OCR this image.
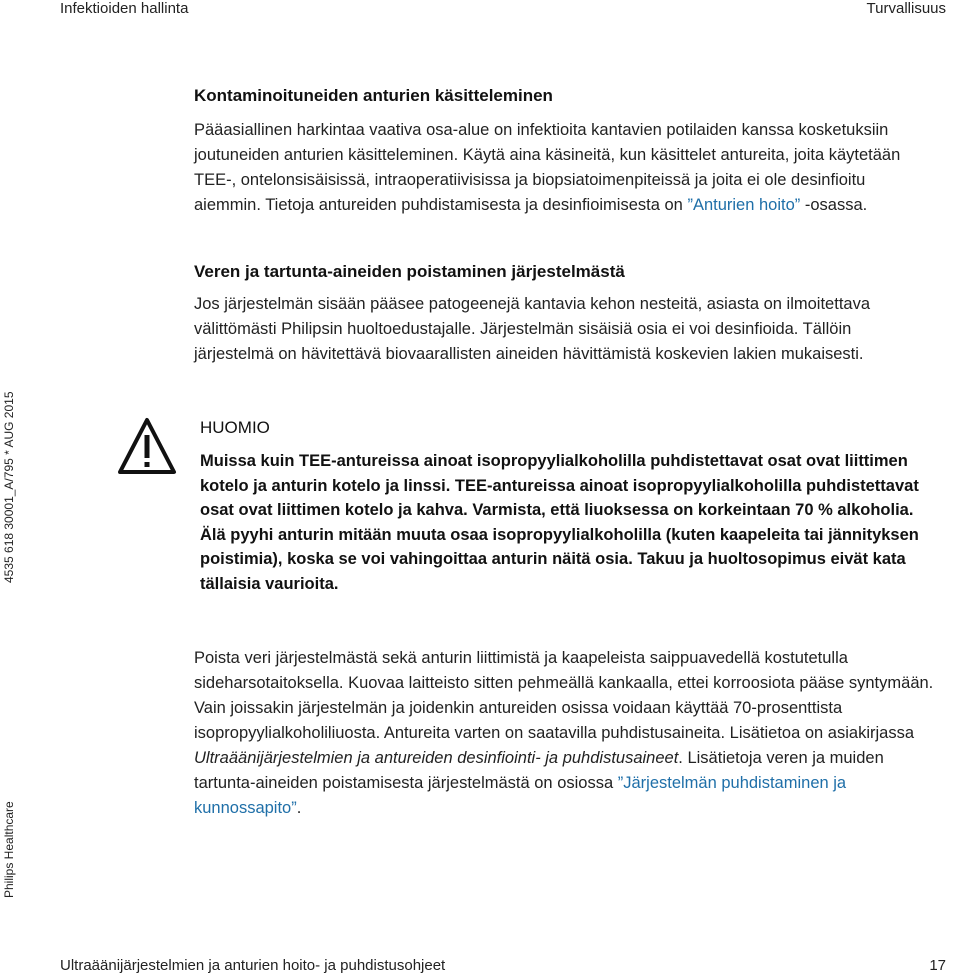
Infektioiden hallinta	Turvallisuus
4535 618 30001_A/795 * AUG 2015
Philips Healthcare
Kontaminoituneiden anturien käsitteleminen

Pääasiallinen harkintaa vaativa osa-alue on infektioita kantavien potilaiden kanssa kosketuksiin joutuneiden anturien käsitteleminen. Käytä aina käsineitä, kun käsittelet antureita, joita käytetään TEE-, ontelonsisäisissä, intraoperatiivisissa ja biopsiatoimenpiteissä ja joita ei ole desinfioitu aiemmin. Tietoja antureiden puhdistamisesta ja desinfioimisesta on ”Anturien hoito” -osassa.

Veren ja tartunta-aineiden poistaminen järjestelmästä

Jos järjestelmän sisään pääsee patogeenejä kantavia kehon nesteitä, asiasta on ilmoitettava välittömästi Philipsin huoltoedustajalle. Järjestelmän sisäisiä osia ei voi desinfioida. Tällöin järjestelmä on hävitettävä biovaarallisten aineiden hävittämistä koskevien lakien mukaisesti.

HUOMIO

Muissa kuin TEE-antureissa ainoat isopropyylialkoholilla puhdistettavat osat ovat liittimen kotelo ja anturin kotelo ja linssi. TEE-antureissa ainoat isopropyylialkoholilla puhdistettavat osat ovat liittimen kotelo ja kahva. Varmista, että liuoksessa on korkeintaan 70 % alkoholia. Älä pyyhi anturin mitään muuta osaa isopropyylialkoholilla (kuten kaapeleita tai jännityksen poistimia), koska se voi vahingoittaa anturin näitä osia. Takuu ja huoltosopimus eivät kata tällaisia vaurioita.

Poista veri järjestelmästä sekä anturin liittimistä ja kaapeleista saippuavedellä kostutetulla sideharsotaitoksella. Kuovaa laitteisto sitten pehmeällä kankaalla, ettei korroosiota pääse syntymään. Vain joissakin järjestelmän ja joidenkin antureiden osissa voidaan käyttää 70-prosenttista isopropyylialkoholiliuosta. Antureita varten on saatavilla puhdistusaineita. Lisätietoa on asiakirjassa Ultraäänijärjestelmien ja antureiden desinfiointi- ja puhdistusaineet. Lisätietoja veren ja muiden tartunta-aineiden poistamisesta järjestelmästä on osiossa ”Järjestelmän puhdistaminen ja kunnossapito”.

Ultraäänijärjestelmien ja anturien hoito- ja puhdistusohjeet	17
